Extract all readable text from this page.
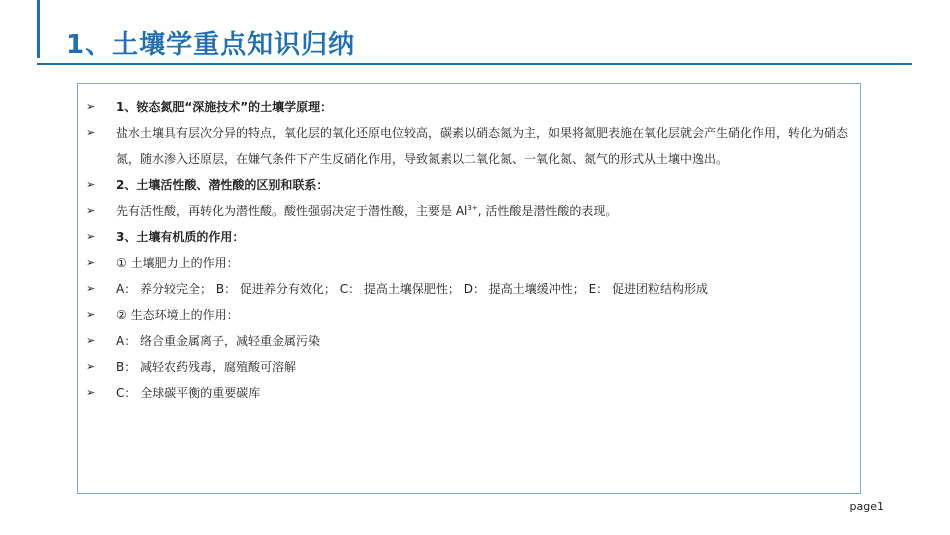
1、土壤学重点知识归纳
➢	1、铵态氮肥“深施技术”的土壤学原理：
➢	盐水土壤具有层次分异的特点，氧化层的氧化还原电位较高，碳素以硝态氮为主，如果将氮肥表施在氧化层就会产生硝化作用，转化为硝态氮，随水渗入还原层，在嫌气条件下产生反硝化作用，导致氮素以二氧化氮、一氧化氮、氮气的形式从土壤中逸出。
➢	2、土壤活性酸、潜性酸的区别和联系：
➢	先有活性酸，再转化为潜性酸。酸性强弱决定于潜性酸，主要是 $Al^{3+}$, 活性酸是潜性酸的表现。
➢	3、土壤有机质的作用：
➢	① 土壤肥力上的作用：
➢	A： 养分较完全； B： 促进养分有效化； C： 提高土壤保肥性； D： 提高土壤缓冲性； E： 促进团粒结构形成
➢	② 生态环境上的作用：
➢	A： 络合重金属离子，减轻重金属污染
➢	B： 减轻农药残毒，腐殖酸可溶解
➢	C： 全球碳平衡的重要碳库
page1
